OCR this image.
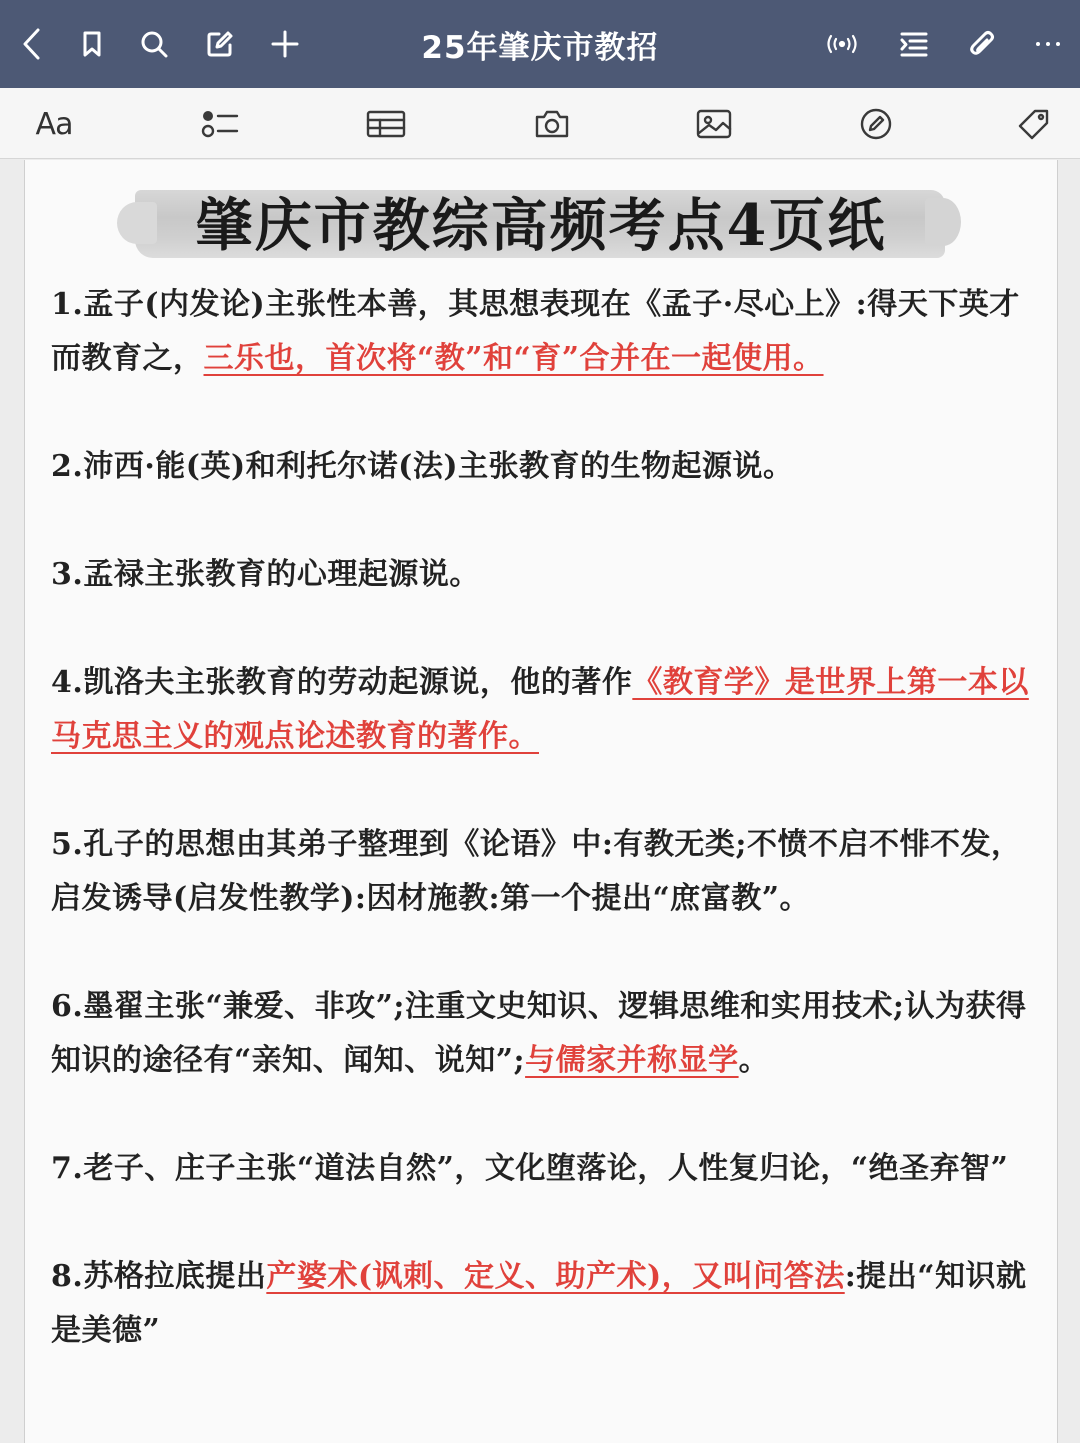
25年肇庆市教招
Aa
肇庆市教综高频考点4页纸

1.孟子(内发论)主张性本善，其思想表现在《孟子·尽心上》:得天下英才而教育之，三乐也，首次将“教”和“育”合并在一起使用。

2.沛西·能(英)和利托尔诺(法)主张教育的生物起源说。

3.孟禄主张教育的心理起源说。

4.凯洛夫主张教育的劳动起源说，他的著作《教育学》是世界上第一本以马克思主义的观点论述教育的著作。

5.孔子的思想由其弟子整理到《论语》中:有教无类;不愤不启不悱不发，启发诱导(启发性教学):因材施教:第一个提出“庶富教”。

6.墨翟主张“兼爱、非攻”;注重文史知识、逻辑思维和实用技术;认为获得知识的途径有“亲知、闻知、说知”;与儒家并称显学。

7.老子、庄子主张“道法自然”，文化堕落论，人性复归论，“绝圣弃智”

8.苏格拉底提出产婆术(讽刺、定义、助产术)，又叫问答法:提出“知识就是美德”
